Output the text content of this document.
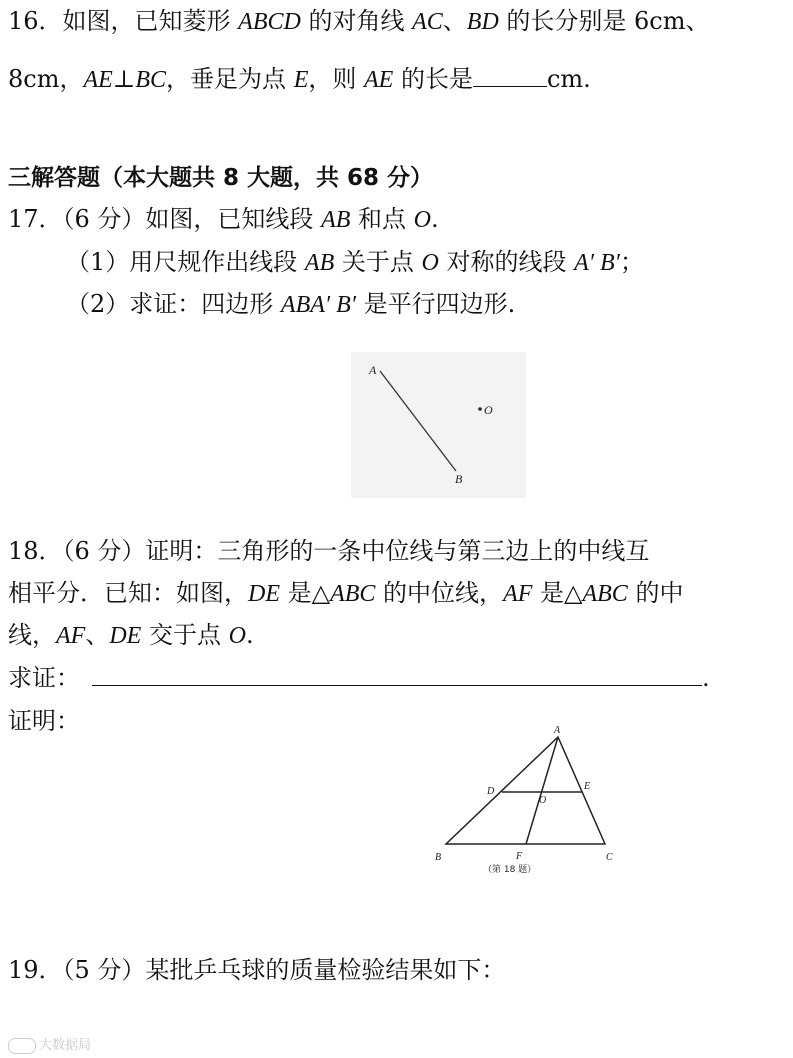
16．如图，已知菱形 ABCD 的对角线 AC、BD 的长分别是 6cm、
8cm，AE⊥BC，垂足为点 E，则 AE 的长是	cm.
三解答题（本大题共 8 大题，共 68 分）
17．（6 分）如图，已知线段 AB 和点 O.
（1）用尺规作出线段 AB 关于点 O 对称的线段 A′ B′；
（2）求证：四边形 ABA′ B′ 是平行四边形.
A
B
O
18．（6 分）证明：三角形的一条中位线与第三边上的中线互
相平分．已知：如图，DE 是△ABC 的中位线，AF 是△ABC 的中
线，AF、DE 交于点 O.
求证：	.
证明：	A
B	C
D	E
O
F
（第 18 题）
19．（5 分）某批乒乓球的质量检验结果如下：
大数据局
